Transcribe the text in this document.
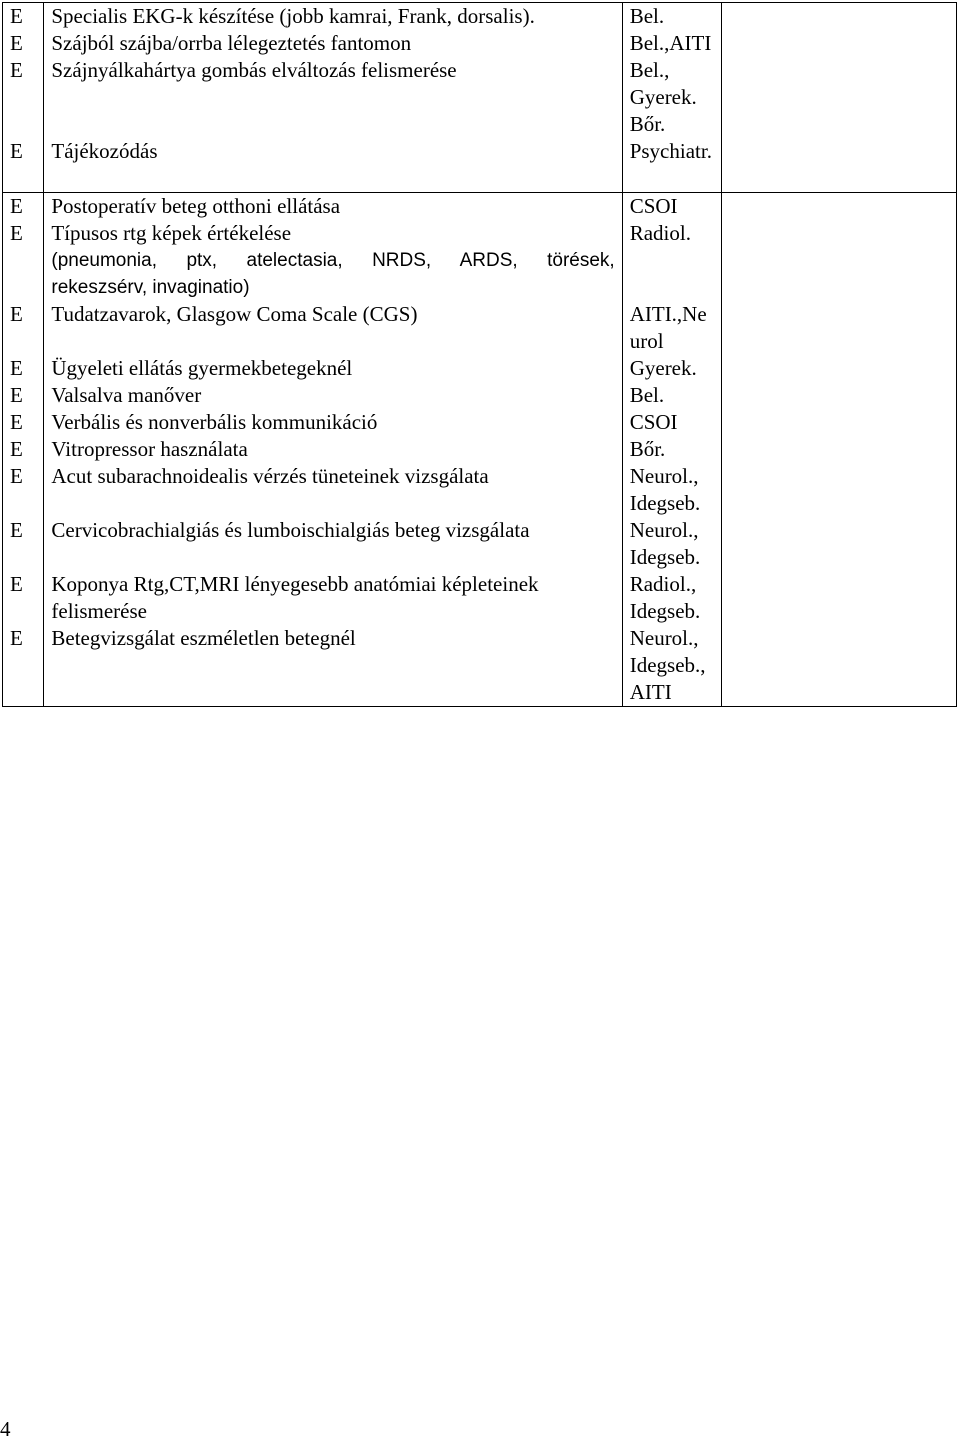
E	Specialis EKG-k készítése (jobb kamrai, Frank, dorsalis).	Bel.	
E	Szájból szájba/orrba lélegeztetés fantomon	Bel.,AITI	
E	Szájnyálkahártya gombás elváltozás felismerése	Bel.,
Gyerek.
Bőr.	

E	Tájékozódás	Psychiatr.	

E	Postoperatív beteg otthoni ellátása	CSOI	
E	Típusos rtg képek értékelése
(pneumonia, ptx, atelectasia, NRDS, ARDS, törések,
rekeszsérv, invaginatio)	Radiol.	
E	Tudatzavarok, Glasgow Coma Scale (CGS)	AITI.,Ne
urol	

E	Ügyeleti ellátás gyermekbetegeknél	Gyerek.	
E	Valsalva manőver	Bel.	
E	Verbális és nonverbális kommunikáció	CSOI	
E	Vitropressor használata	Bőr.	
E	Acut subarachnoidealis vérzés tüneteinek vizsgálata	Neurol.,
Idegseb.	

E	Cervicobrachialgiás és lumboischialgiás beteg vizsgálata	Neurol.,
Idegseb.	

E	Koponya Rtg,CT,MRI lényegesebb anatómiai képleteinek felismerése	Radiol.,
Idegseb.	

E	Betegvizsgálat eszméletlen betegnél	Neurol.,
Idegseb.,
AITI	

4
